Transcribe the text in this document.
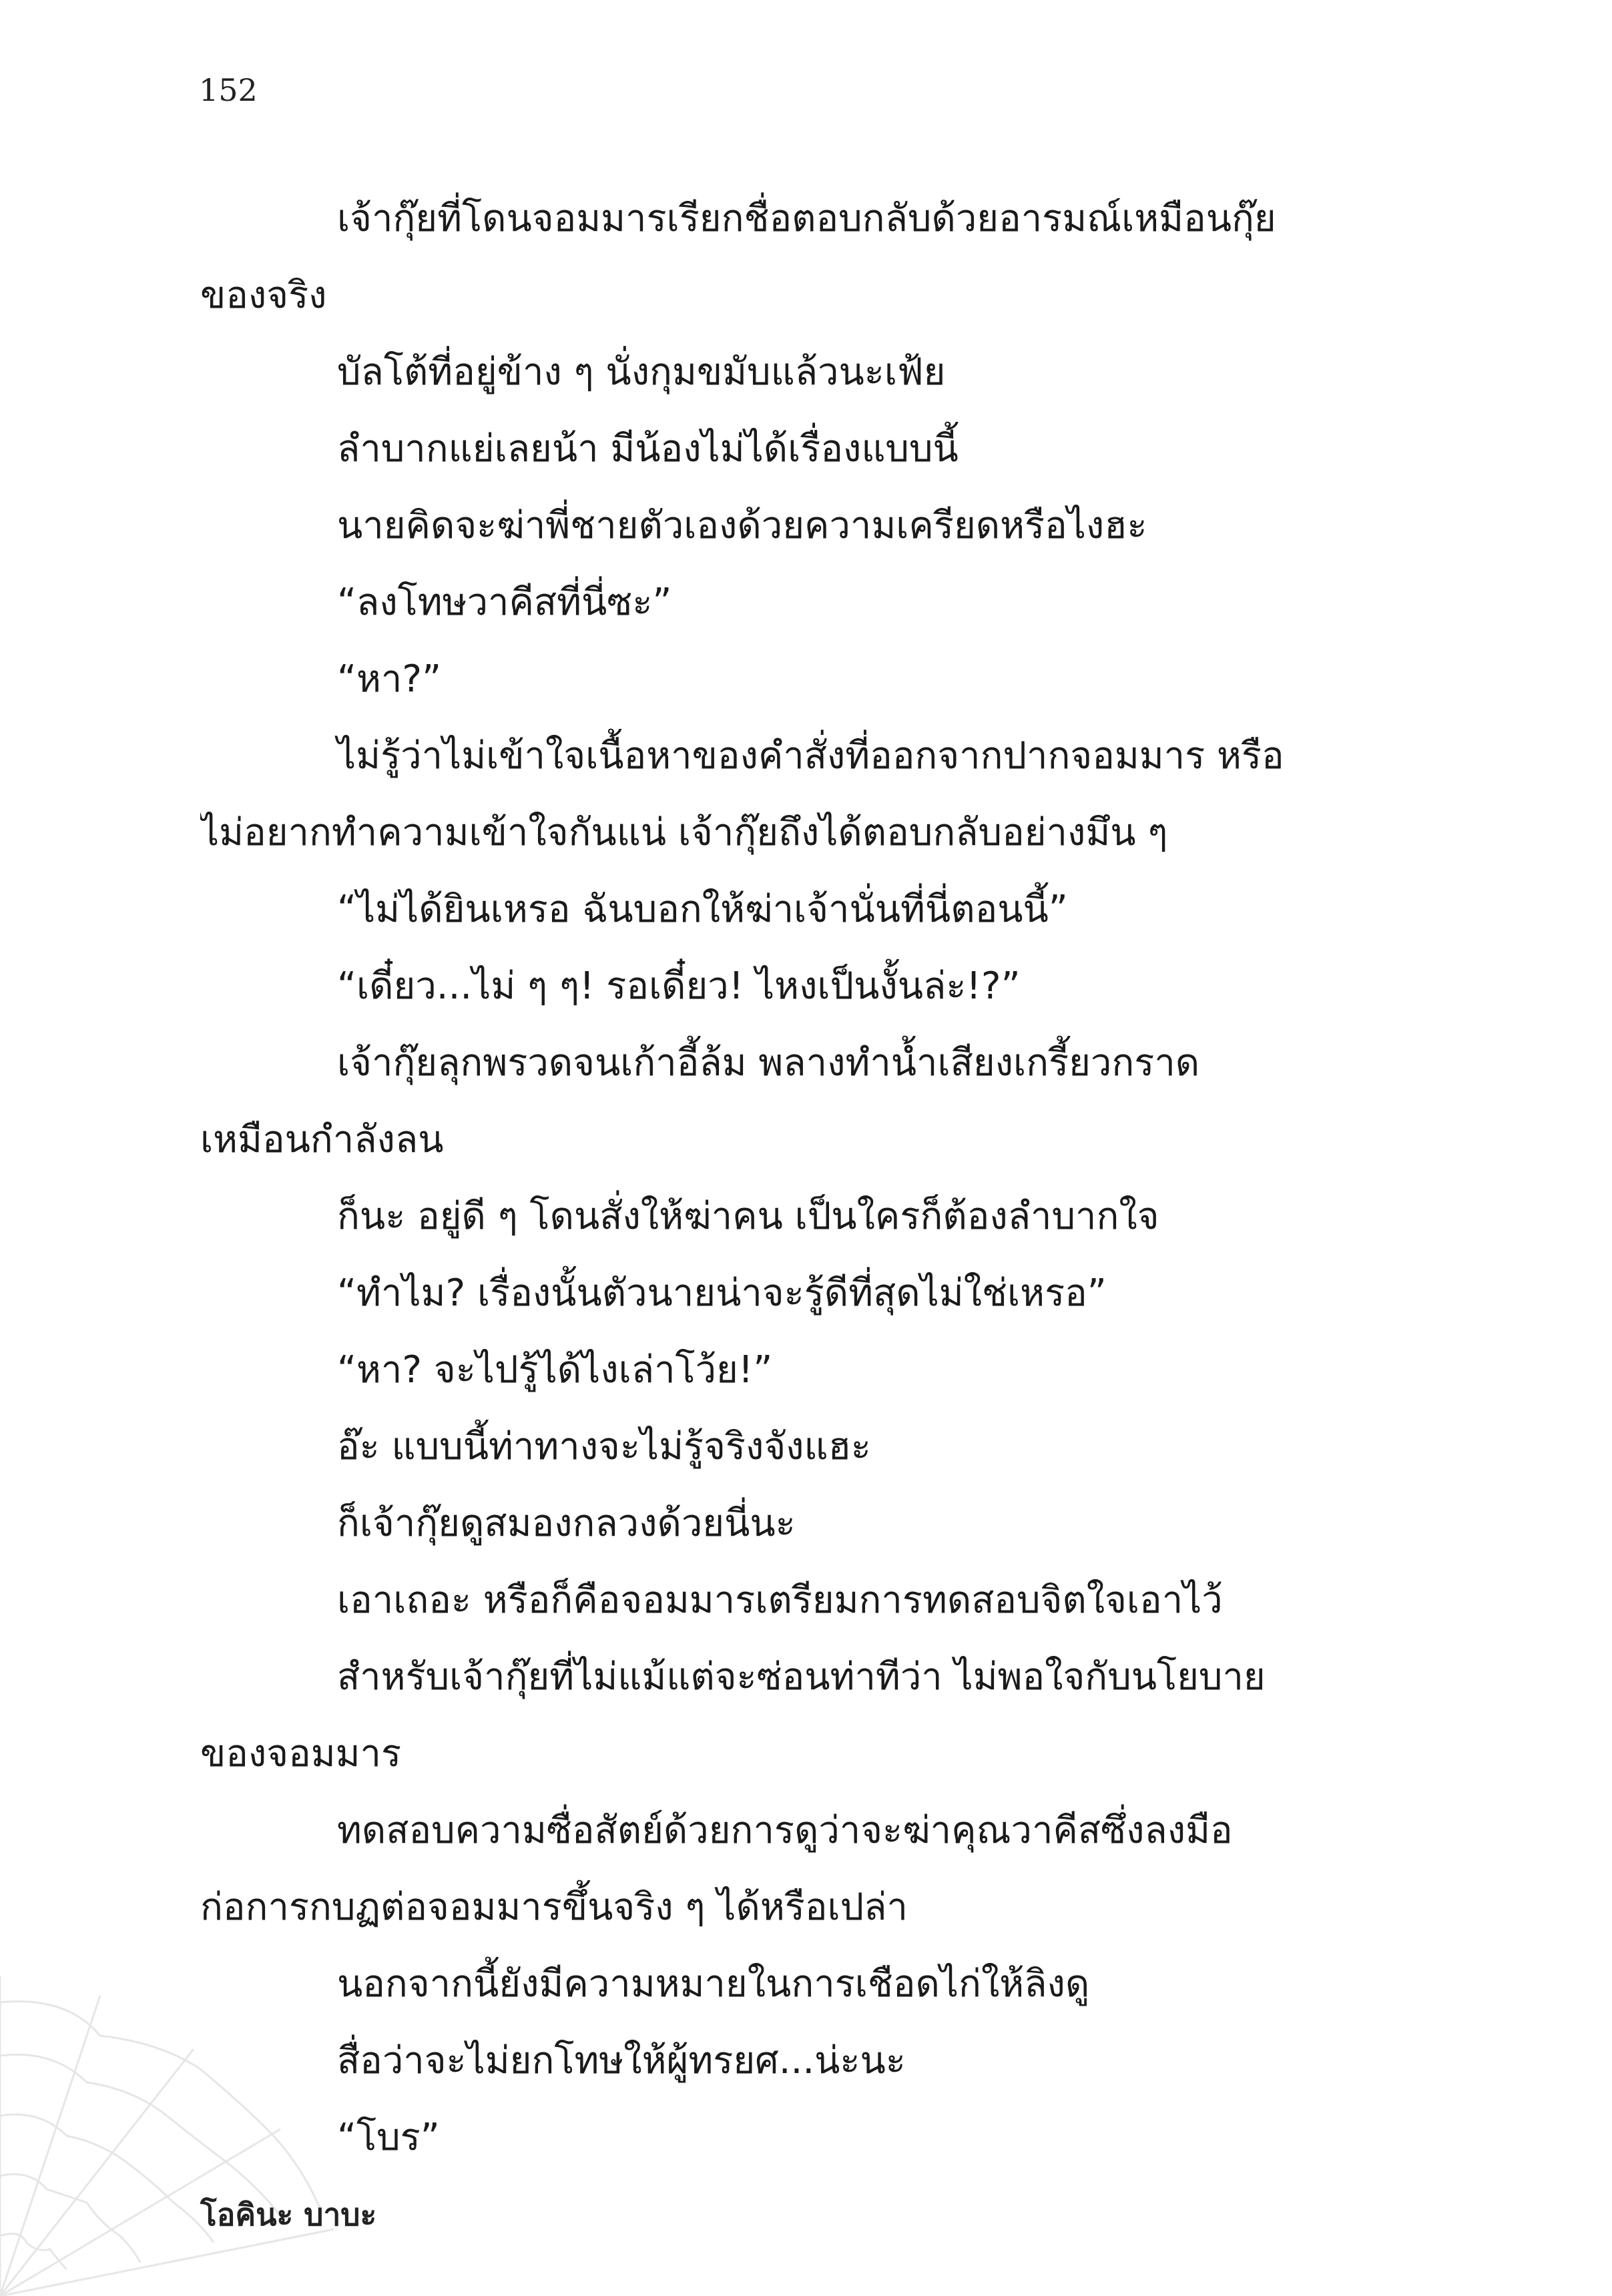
152
เจ้ากุ๊ยที่โดนจอมมารเรียกชื่อตอบกลับด้วยอารมณ์เหมือนกุ๊ย
ของจริง
บัลโต้ที่อยู่ข้าง ๆ นั่งกุมขมับแล้วนะเฟ้ย
ลำบากแย่เลยน้า มีน้องไม่ได้เรื่องแบบนี้
นายคิดจะฆ่าพี่ชายตัวเองด้วยความเครียดหรือไงฮะ
“ลงโทษวาคีสที่นี่ซะ”
“หา?”
ไม่รู้ว่าไม่เข้าใจเนื้อหาของคำสั่งที่ออกจากปากจอมมาร หรือ
ไม่อยากทำความเข้าใจกันแน่ เจ้ากุ๊ยถึงได้ตอบกลับอย่างมึน ๆ
“ไม่ได้ยินเหรอ ฉันบอกให้ฆ่าเจ้านั่นที่นี่ตอนนี้”
“เดี๋ยว...ไม่ ๆ ๆ! รอเดี๋ยว! ไหงเป็นงั้นล่ะ!?”
เจ้ากุ๊ยลุกพรวดจนเก้าอี้ล้ม พลางทำน้ำเสียงเกรี้ยวกราด
เหมือนกำลังลน
ก็นะ อยู่ดี ๆ โดนสั่งให้ฆ่าคน เป็นใครก็ต้องลำบากใจ
“ทำไม? เรื่องนั้นตัวนายน่าจะรู้ดีที่สุดไม่ใช่เหรอ”
“หา? จะไปรู้ได้ไงเล่าโว้ย!”
อ๊ะ แบบนี้ท่าทางจะไม่รู้จริงจังแฮะ
ก็เจ้ากุ๊ยดูสมองกลวงด้วยนี่นะ
เอาเถอะ หรือก็คือจอมมารเตรียมการทดสอบจิตใจเอาไว้
สำหรับเจ้ากุ๊ยที่ไม่แม้แต่จะซ่อนท่าทีว่า ไม่พอใจกับนโยบาย
ของจอมมาร
ทดสอบความซื่อสัตย์ด้วยการดูว่าจะฆ่าคุณวาคีสซึ่งลงมือ
ก่อการกบฏต่อจอมมารขึ้นจริง ๆ ได้หรือเปล่า
นอกจากนี้ยังมีความหมายในการเชือดไก่ให้ลิงดู
สื่อว่าจะไม่ยกโทษให้ผู้ทรยศ...น่ะนะ
“โบร”
โอคินะ บาบะ
